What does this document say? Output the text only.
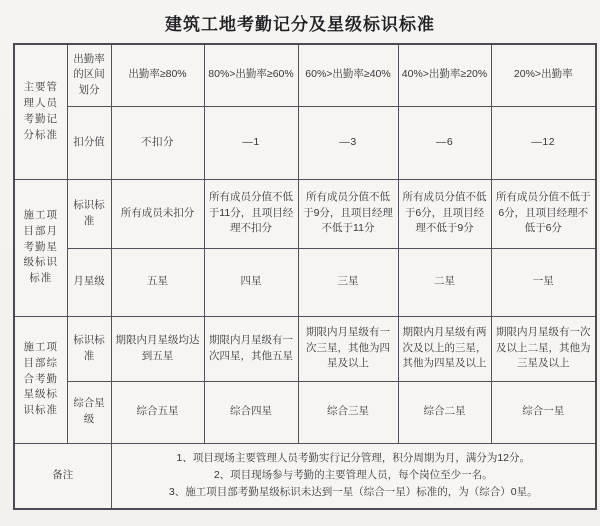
建筑工地考勤记分及星级标识标准
主要管理人员考勤记分标准	出勤率的区间划分	出勤率≥80%	80%>出勤率≥60%	60%>出勤率≥40%	40%>出勤率≥20%	20%>出勤率
	扣分值	不扣分	—1	—3	—6	—12
施工项目部月考勤星级标识标准	标识标准	所有成员未扣分	所有成员分值不低于11分，且项目经理不扣分	所有成员分值不低于9分，且项目经理不低于11分	所有成员分值不低于6分，且项目经理不低于9分	所有成员分值不低于6分，且项目经理不低于6分
	月星级	五星	四星	三星	二星	一星
施工项目部综合考勤星级标识标准	标识标准	期限内月星级均达到五星	期限内月星级有一次四星，其他五星	期限内月星级有一次三星，其他为四星及以上	期限内月星级有两次及以上的三星，其他为四星及以上	期限内月星级有一次及以上二星，其他为三星及以上
	综合星级	综合五星	综合四星	综合三星	综合二星	综合一星
备注		1、项目现场主要管理人员考勤实行记分管理，积分周期为月，满分为12分。
2、项目现场参与考勤的主要管理人员，每个岗位至少一名。
3、施工项目部考勤星级标识未达到一星（综合一星）标准的，为（综合）0星。				
